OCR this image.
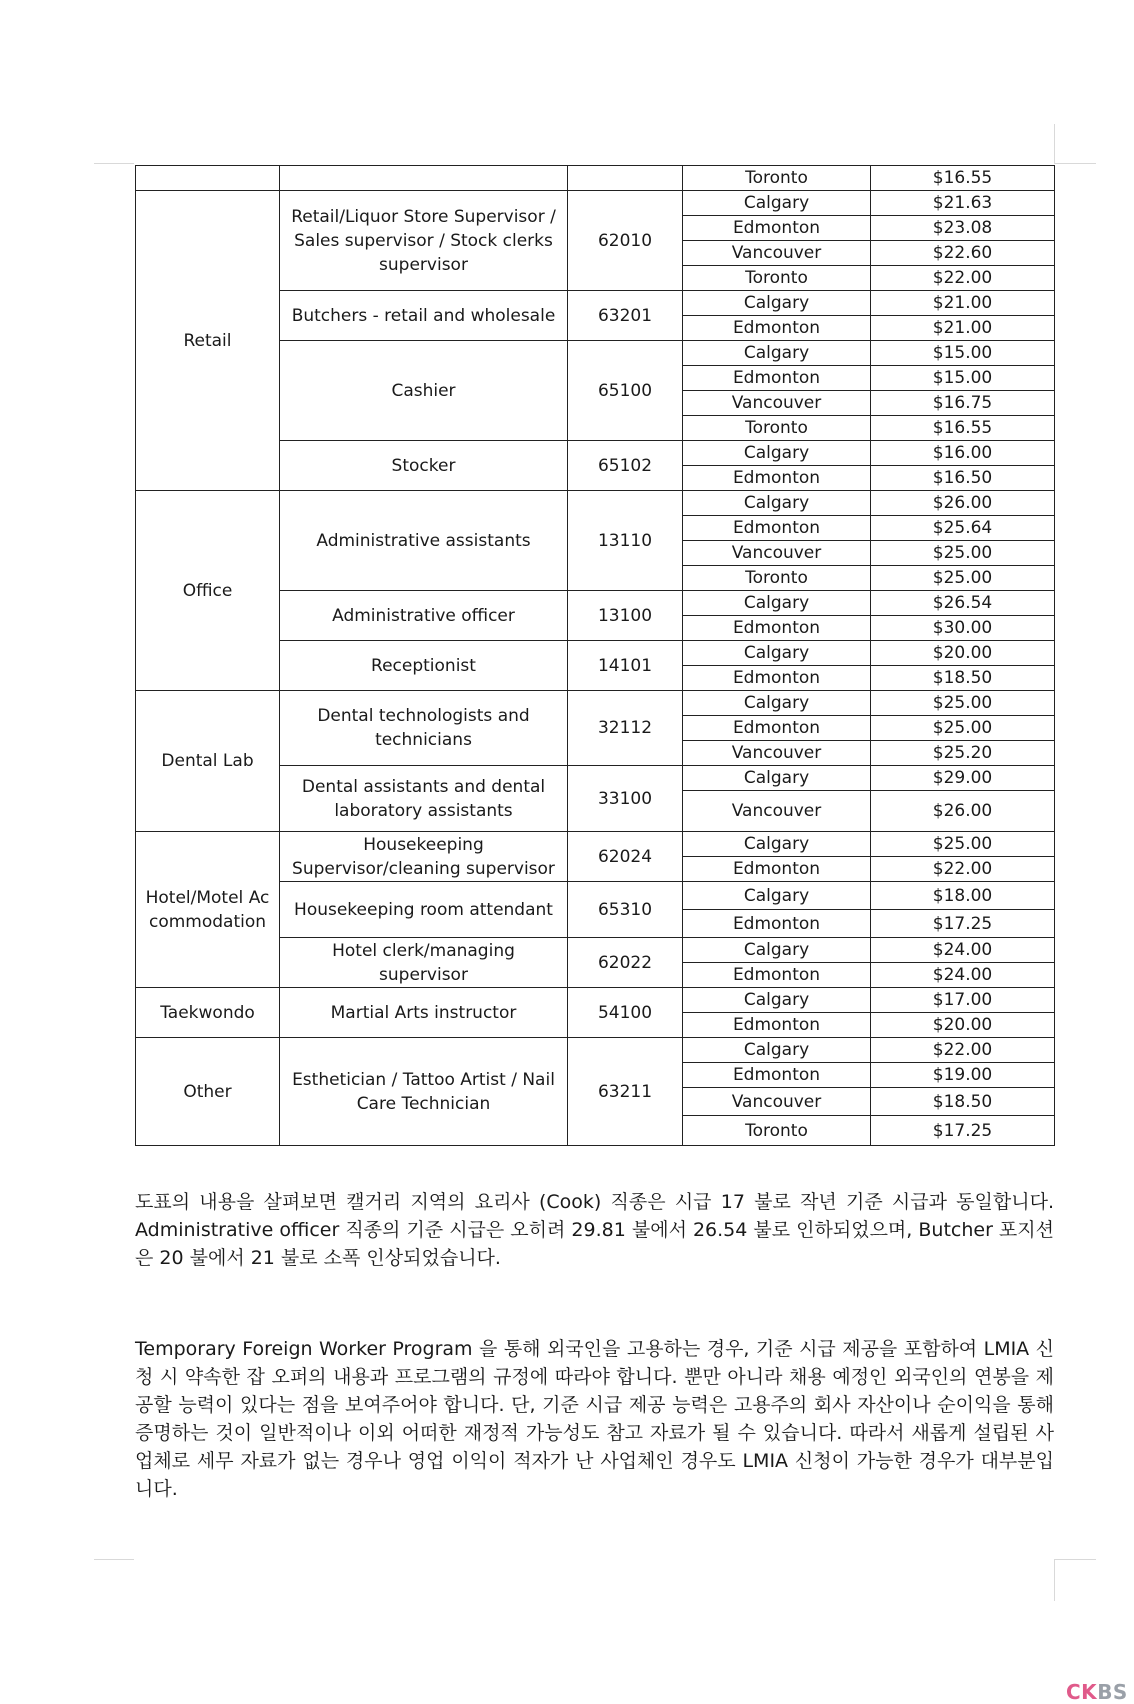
			Toronto	$16.55
Retail	Retail/Liquor Store Supervisor / Sales supervisor / Stock clerks supervisor	62010	Calgary	$21.63
			Edmonton	$23.08
			Vancouver	$22.60
			Toronto	$22.00
	Butchers - retail and wholesale	63201	Calgary	$21.00
			Edmonton	$21.00
	Cashier	65100	Calgary	$15.00
			Edmonton	$15.00
			Vancouver	$16.75
			Toronto	$16.55
	Stocker	65102	Calgary	$16.00
			Edmonton	$16.50
Office	Administrative assistants	13110	Calgary	$26.00
			Edmonton	$25.64
			Vancouver	$25.00
			Toronto	$25.00
	Administrative officer	13100	Calgary	$26.54
			Edmonton	$30.00
	Receptionist	14101	Calgary	$20.00
			Edmonton	$18.50
Dental Lab	Dental technologists and technicians	32112	Calgary	$25.00
			Edmonton	$25.00
			Vancouver	$25.20
	Dental assistants and dental laboratory assistants	33100	Calgary	$29.00
			Vancouver	$26.00
Hotel/Motel Accommodation	Housekeeping Supervisor/cleaning supervisor	62024	Calgary	$25.00
			Edmonton	$22.00
	Housekeeping room attendant	65310	Calgary	$18.00
			Edmonton	$17.25
	Hotel clerk/managing supervisor	62022	Calgary	$24.00
			Edmonton	$24.00
Taekwondo	Martial Arts instructor	54100	Calgary	$17.00
			Edmonton	$20.00
Other	Esthetician / Tattoo Artist / Nail Care Technician	63211	Calgary	$22.00
			Edmonton	$19.00
			Vancouver	$18.50
			Toronto	$17.25

도표의 내용을 살펴보면 캘거리 지역의 요리사 (Cook) 직종은 시급 17 불로 작년 기준 시급과 동일합니다. Administrative officer 직종의 기준 시급은 오히려 29.81 불에서 26.54 불로 인하되었으며, Butcher 포지션은 20 불에서 21 불로 소폭 인상되었습니다.

Temporary Foreign Worker Program 을 통해 외국인을 고용하는 경우, 기준 시급 제공을 포함하여 LMIA 신청 시 약속한 잡 오퍼의 내용과 프로그램의 규정에 따라야 합니다. 뿐만 아니라 채용 예정인 외국인의 연봉을 제공할 능력이 있다는 점을 보여주어야 합니다. 단, 기준 시급 제공 능력은 고용주의 회사 자산이나 순이익을 통해 증명하는 것이 일반적이나 이외 어떠한 재정적 가능성도 참고 자료가 될 수 있습니다. 따라서 새롭게 설립된 사업체로 세무 자료가 없는 경우나 영업 이익이 적자가 난 사업체인 경우도 LMIA 신청이 가능한 경우가 대부분입니다.

CKBS
